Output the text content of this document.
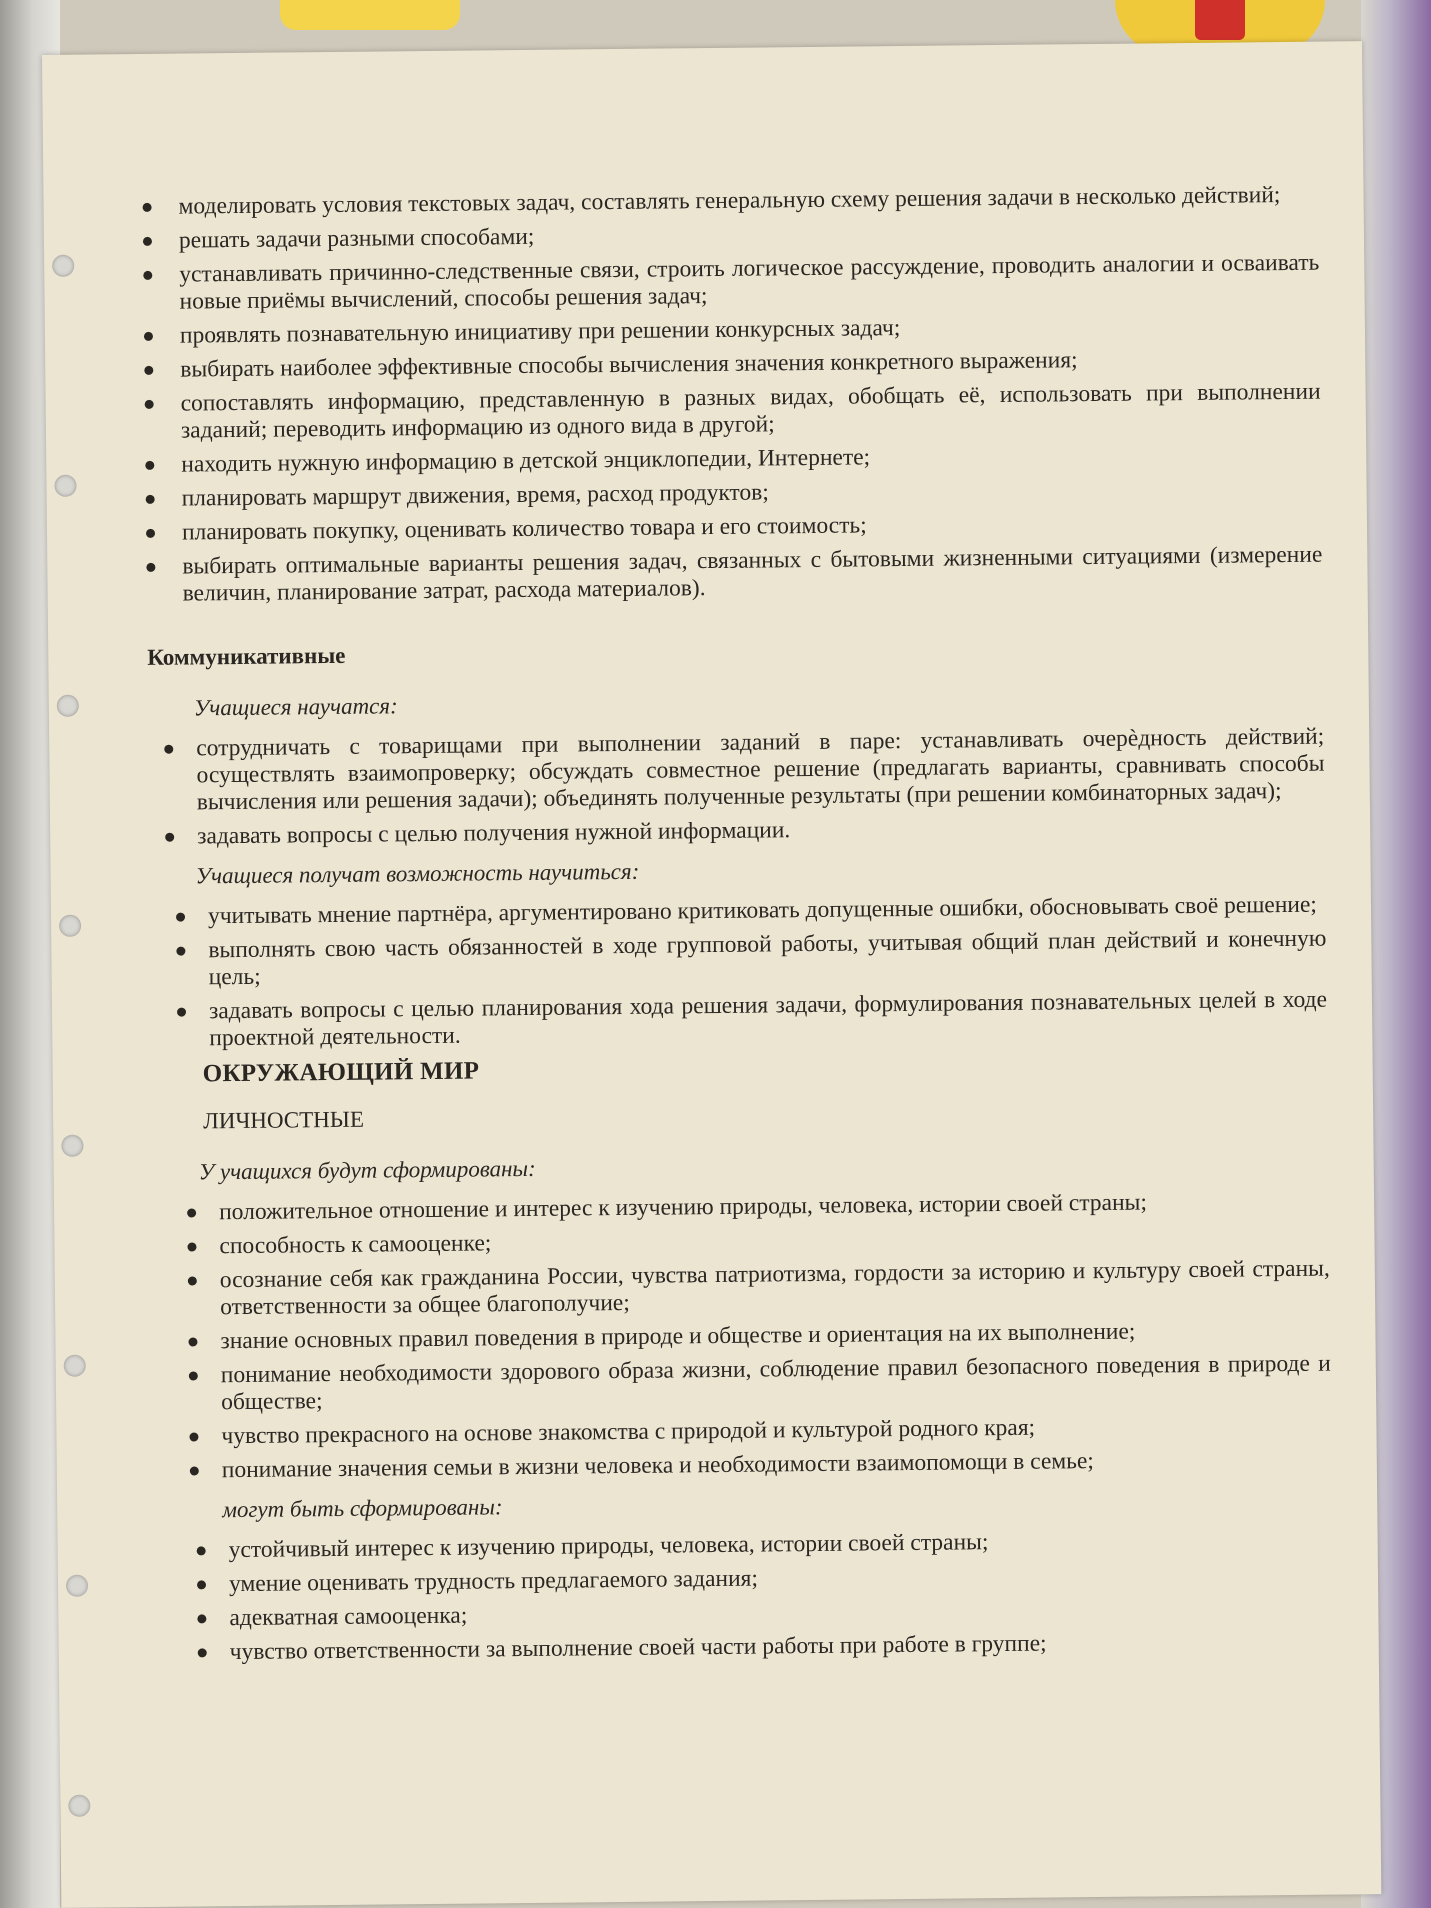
моделировать условия текстовых задач, составлять генеральную схему решения задачи в несколько действий;
решать задачи разными способами;
устанавливать причинно-следственные связи, строить логическое рассуждение, проводить аналогии и осваивать новые приёмы вычислений, способы решения задач;
проявлять познавательную инициативу при решении конкурсных задач;
выбирать наиболее эффективные способы вычисления значения конкретного выражения;
сопоставлять информацию, представленную в разных видах, обобщать её, использовать при выполнении заданий; переводить информацию из одного вида в другой;
находить нужную информацию в детской энциклопедии, Интернете;
планировать маршрут движения, время, расход продуктов;
планировать покупку, оценивать количество товара и его стоимость;
выбирать оптимальные варианты решения задач, связанных с бытовыми жизненными ситуациями (измерение величин, планирование затрат, расхода материалов).
Коммуникативные
Учащиеся научатся:
сотрудничать с товарищами при выполнении заданий в паре: устанавливать очерѐдность действий; осуществлять взаимопроверку; обсуждать совместное решение (предлагать варианты, сравнивать способы вычисления или решения задачи); объединять полученные результаты (при решении комбинаторных задач);
задавать вопросы с целью получения нужной информации.
Учащиеся получат возможность научиться:
учитывать мнение партнёра, аргументировано критиковать допущенные ошибки, обосновывать своё решение;
выполнять свою часть обязанностей в ходе групповой работы, учитывая общий план действий и конечную цель;
задавать вопросы с целью планирования хода решения задачи, формулирования познавательных целей в ходе проектной деятельности.
ОКРУЖАЮЩИЙ МИР
ЛИЧНОСТНЫЕ
У учащихся будут сформированы:
положительное отношение и интерес к изучению природы, человека, истории своей страны;
способность к самооценке;
осознание себя как гражданина России, чувства патриотизма, гордости за историю и культуру своей страны, ответственности за общее благополучие;
знание основных правил поведения в природе и обществе и ориентация на их выполнение;
понимание необходимости здорового образа жизни, соблюдение правил безопасного поведения в природе и обществе;
чувство прекрасного на основе знакомства с природой и культурой родного края;
понимание значения семьи в жизни человека и необходимости взаимопомощи в семье;
могут быть сформированы:
устойчивый интерес к изучению природы, человека, истории своей страны;
умение оценивать трудность предлагаемого задания;
адекватная самооценка;
чувство ответственности за выполнение своей части работы при работе в группе;
